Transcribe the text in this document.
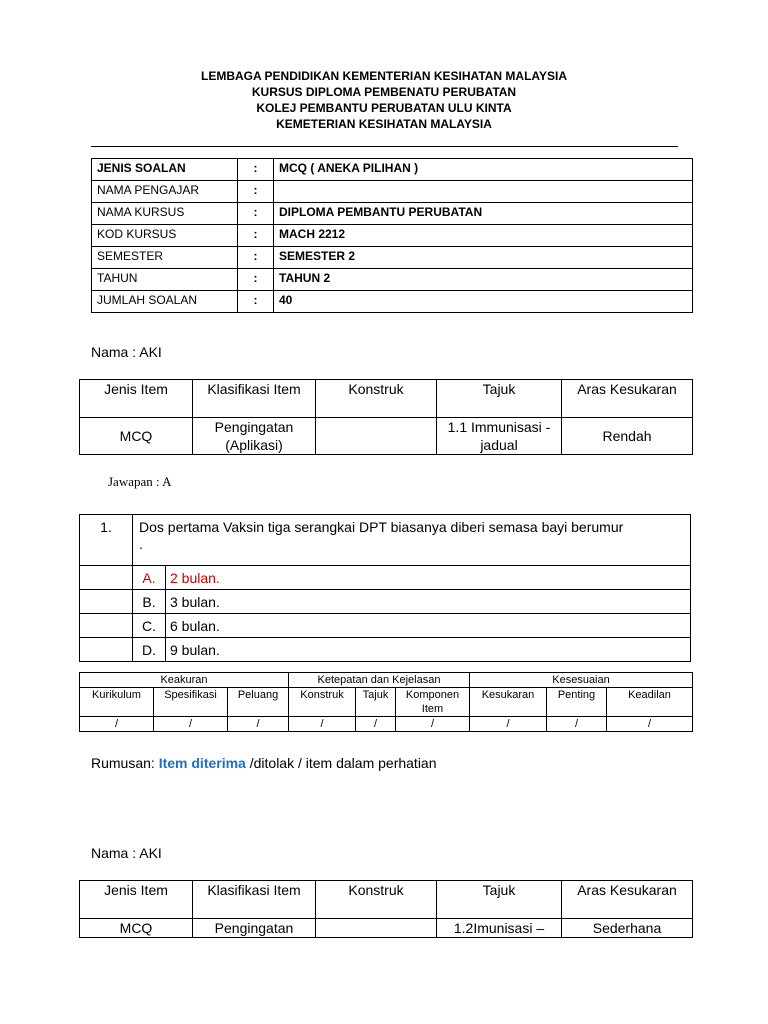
LEMBAGA PENDIDIKAN KEMENTERIAN KESIHATAN MALAYSIA
KURSUS DIPLOMA PEMBENATU PERUBATAN
KOLEJ PEMBANTU PERUBATAN ULU KINTA
KEMETERIAN KESIHATAN MALAYSIA
JENIS SOALAN	:	MCQ ( ANEKA PILIHAN )
NAMA PENGAJAR	:	
NAMA KURSUS	:	DIPLOMA PEMBANTU PERUBATAN
KOD KURSUS	:	MACH 2212
SEMESTER	:	SEMESTER 2
TAHUN	:	TAHUN 2
JUMLAH SOALAN	:	40
Nama : AKI
Jenis Item	Klasifikasi Item	Konstruk	Tajuk	Aras Kesukaran
MCQ	Pengingatan (Aplikasi)		1.1 Immunisasi - jadual	Rendah
Jawapan : A
1.	Dos pertama Vaksin tiga serangkai DPT biasanya diberi semasa bayi berumur
.	

	A.	2 bulan.
	B.	3 bulan.
	C.	6 bulan.
	D.	9 bulan.
Keakuran			Ketepatan dan Kejelasan			Kesesuaian		
Kurikulum	Spesifikasi	Peluang	Konstruk	Tajuk	Komponen Item	Kesukaran	Penting	Keadilan
/	/	/	/	/	/	/	/	/
Rumusan: Item diterima /ditolak / item dalam perhatian
Nama : AKI
Jenis Item	Klasifikasi Item	Konstruk	Tajuk	Aras Kesukaran
MCQ	Pengingatan		1.2Imunisasi –	Sederhana
